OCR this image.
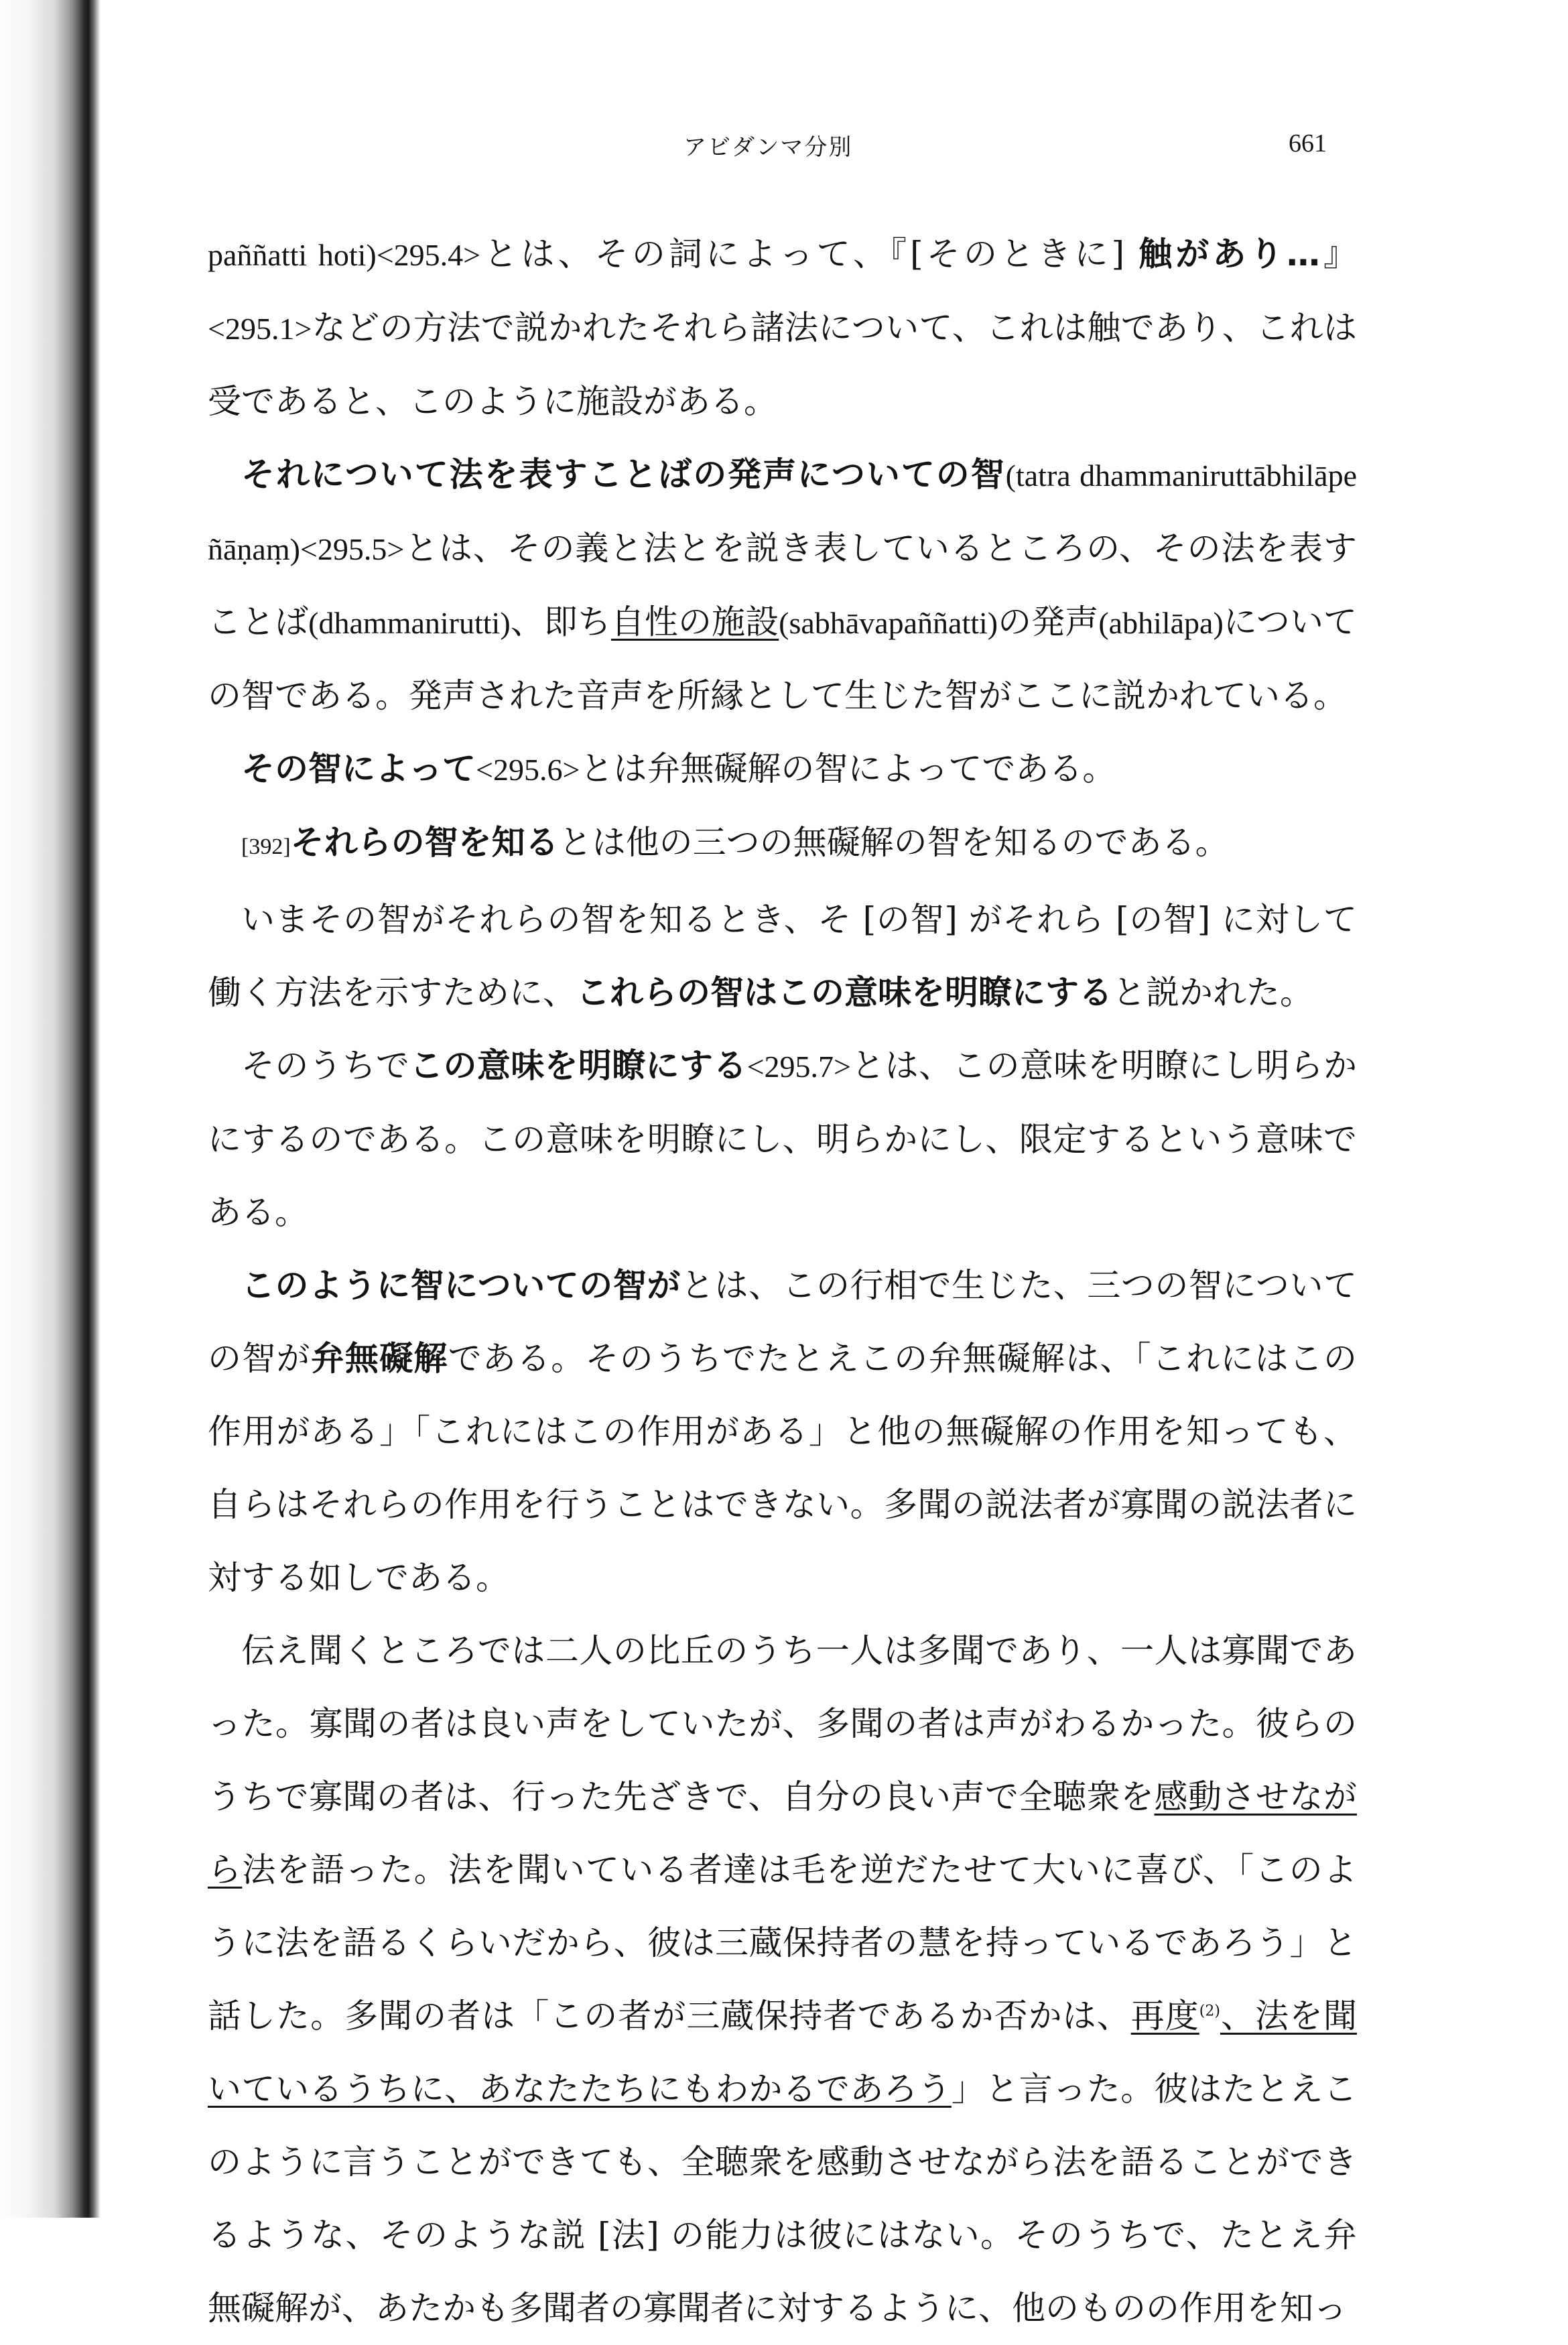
アビダンマ分別	661

paññatti hoti)<295.4>とは、その詞によって、『[そのときに] 触があり…』<295.1>などの方法で説かれたそれら諸法について、これは触であり、これは受であると、このように施設がある。

それについて法を表すことばの発声についての智(tatra dhammaniruttābhilāpe ñāṇaṃ)<295.5>とは、その義と法とを説き表しているところの、その法を表すことば(dhammanirutti)、即ち自性の施設(sabhāvapaññatti)の発声(abhilāpa)についての智である。発声された音声を所縁として生じた智がここに説かれている。

その智によって<295.6>とは弁無礙解の智によってである。

[392]それらの智を知るとは他の三つの無礙解の智を知るのである。

いまその智がそれらの智を知るとき、そ [の智] がそれら [の智] に対して働く方法を示すために、これらの智はこの意味を明瞭にすると説かれた。

そのうちでこの意味を明瞭にする<295.7>とは、この意味を明瞭にし明らかにするのである。この意味を明瞭にし、明らかにし、限定するという意味である。

このように智についての智がとは、この行相で生じた、三つの智についての智が弁無礙解である。そのうちでたとえこの弁無礙解は、「これにはこの作用がある」「これにはこの作用がある」と他の無礙解の作用を知っても、自らはそれらの作用を行うことはできない。多聞の説法者が寡聞の説法者に対する如しである。

伝え聞くところでは二人の比丘のうち一人は多聞であり、一人は寡聞であった。寡聞の者は良い声をしていたが、多聞の者は声がわるかった。彼らのうちで寡聞の者は、行った先ざきで、自分の良い声で全聴衆を感動させながら法を語った。法を聞いている者達は毛を逆だたせて大いに喜び、「このように法を語るくらいだから、彼は三蔵保持者の慧を持っているであろう」と話した。多聞の者は「この者が三蔵保持者であるか否かは、再度$^{(2)}$、法を聞いているうちに、あなたたちにもわかるであろう」と言った。彼はたとえこのように言うことができても、全聴衆を感動させながら法を語ることができるような、そのような説 [法] の能力は彼にはない。そのうちで、たとえ弁無礙解が、あたかも多聞者の寡聞者に対するように、他のものの作用を知っ
